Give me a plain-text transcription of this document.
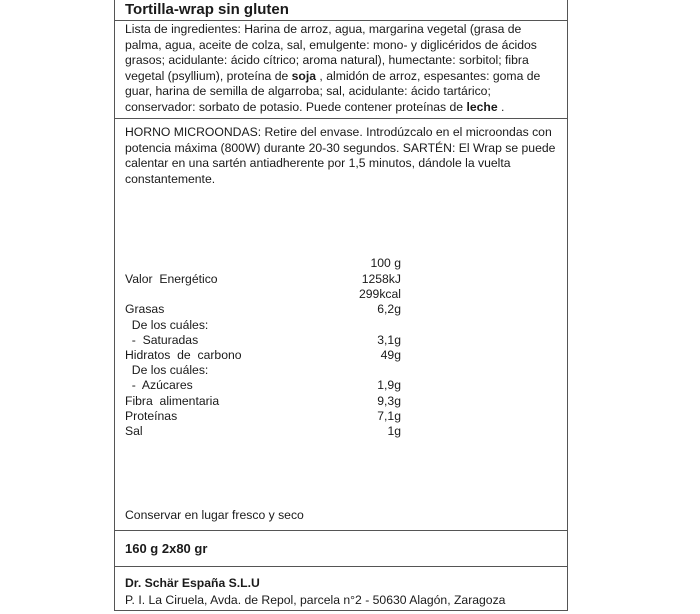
Tortilla-wrap sin gluten
Lista de ingredientes: Harina de arroz, agua, margarina vegetal (grasa de palma, agua, aceite de colza, sal, emulgente: mono- y diglicéridos de ácidos grasos; acidulante: ácido cítrico; aroma natural), humectante: sorbitol; fibra vegetal (psyllium), proteína de soja , almidón de arroz, espesantes: goma de guar, harina de semilla de algarroba; sal, acidulante: ácido tartárico; conservador: sorbato de potasio. Puede contener proteínas de leche .
HORNO MICROONDAS: Retire del envase. Introdúzcalo en el microondas con potencia máxima (800W) durante 20-30 segundos. SARTÉN: El Wrap se puede calentar en una sartén antiadherente por 1,5 minutos, dándole la vuelta constantemente.
100 g
Valor  Energético	1258kJ
299kcal
Grasas	6,2g
De los cuáles:
-  Saturadas	3,1g
Hidratos  de  carbono	49g
De los cuáles:
-  Azúcares	1,9g
Fibra  alimentaria	9,3g
Proteínas	7,1g
Sal	1g
Conservar en lugar fresco y seco
160 g 2x80 gr
Dr. Schär España S.L.U
P. I. La Ciruela, Avda. de Repol, parcela n°2 - 50630 Alagón, Zaragoza
